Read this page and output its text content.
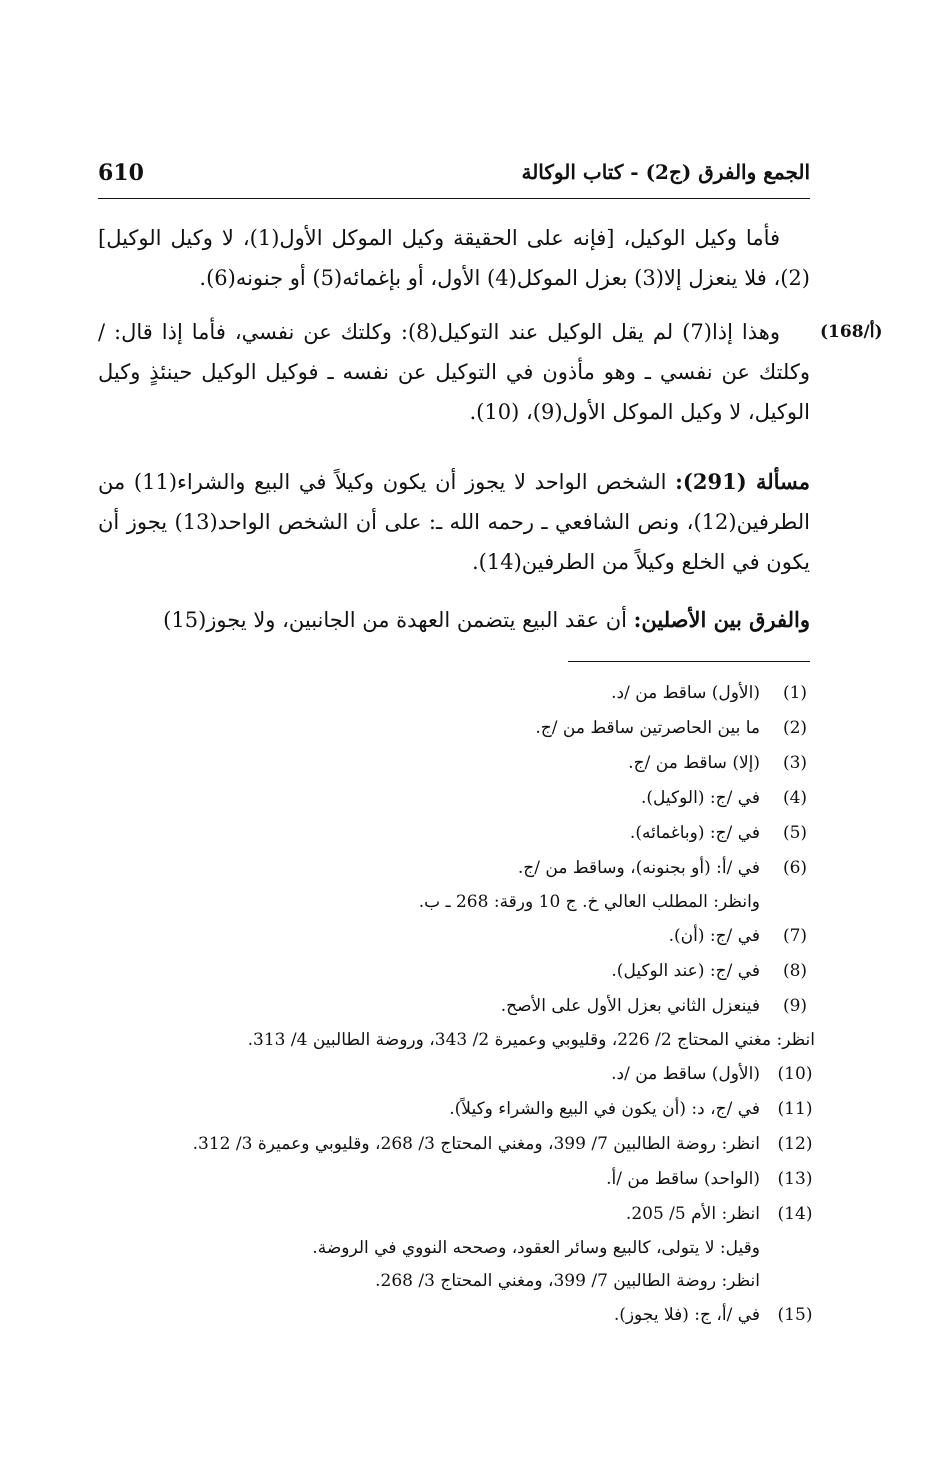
610	الجمع والفرق (ج2) - كتاب الوكالة
(168/أ)

فأما وكيل الوكيل، [فإنه على الحقيقة وكيل الموكل الأول(1)، لا وكيل الوكيل](2)، فلا ينعزل إلا(3) بعزل الموكل(4) الأول، أو بإغمائه(5) أو جنونه(6).

وهذا إذا(7) لم يقل الوكيل عند التوكيل(8): وكلتك عن نفسي، فأما إذا قال: / وكلتك عن نفسي ـ وهو مأذون في التوكيل عن نفسه ـ فوكيل الوكيل حينئذٍ وكيل الوكيل، لا وكيل الموكل الأول(9)، (10).

مسألة (291): الشخص الواحد لا يجوز أن يكون وكيلاً في البيع والشراء(11) من الطرفين(12)، ونص الشافعي ـ رحمه الله ـ: على أن الشخص الواحد(13) يجوز أن يكون في الخلع وكيلاً من الطرفين(14).

والفرق بين الأصلين: أن عقد البيع يتضمن العهدة من الجانبين، ولا يجوز(15)

(1)
(الأول) ساقط من /د.
(2)
ما بين الحاصرتين ساقط من /ج.
(3)
(إلا) ساقط من /ج.
(4)
في /ج: (الوكيل).
(5)
في /ج: (وباغمائه).
(6)
في /أ: (أو بجنونه)، وساقط من /ج.
وانظر: المطلب العالي خ. ج 10 ورقة: 268 ـ ب.
(7)
في /ج: (أن).
(8)
في /ج: (عند الوكيل).
(9)
فينعزل الثاني بعزل الأول على الأصح.
انظر: مغني المحتاج 2/ 226، وقليوبي وعميرة 2/ 343، وروضة الطالبين 4/ 313.
(10)
(الأول) ساقط من /د.
(11)
في /ج، د: (أن يكون في البيع والشراء وكيلاً).
(12)
انظر: روضة الطالبين 7/ 399، ومغني المحتاج 3/ 268، وقليوبي وعميرة 3/ 312.
(13)
(الواحد) ساقط من /أ.
(14)
انظر: الأم 5/ 205.
وقيل: لا يتولى، كالبيع وسائر العقود، وصححه النووي في الروضة.
انظر: روضة الطالبين 7/ 399، ومغني المحتاج 3/ 268.
(15)
في /أ، ج: (فلا يجوز).
